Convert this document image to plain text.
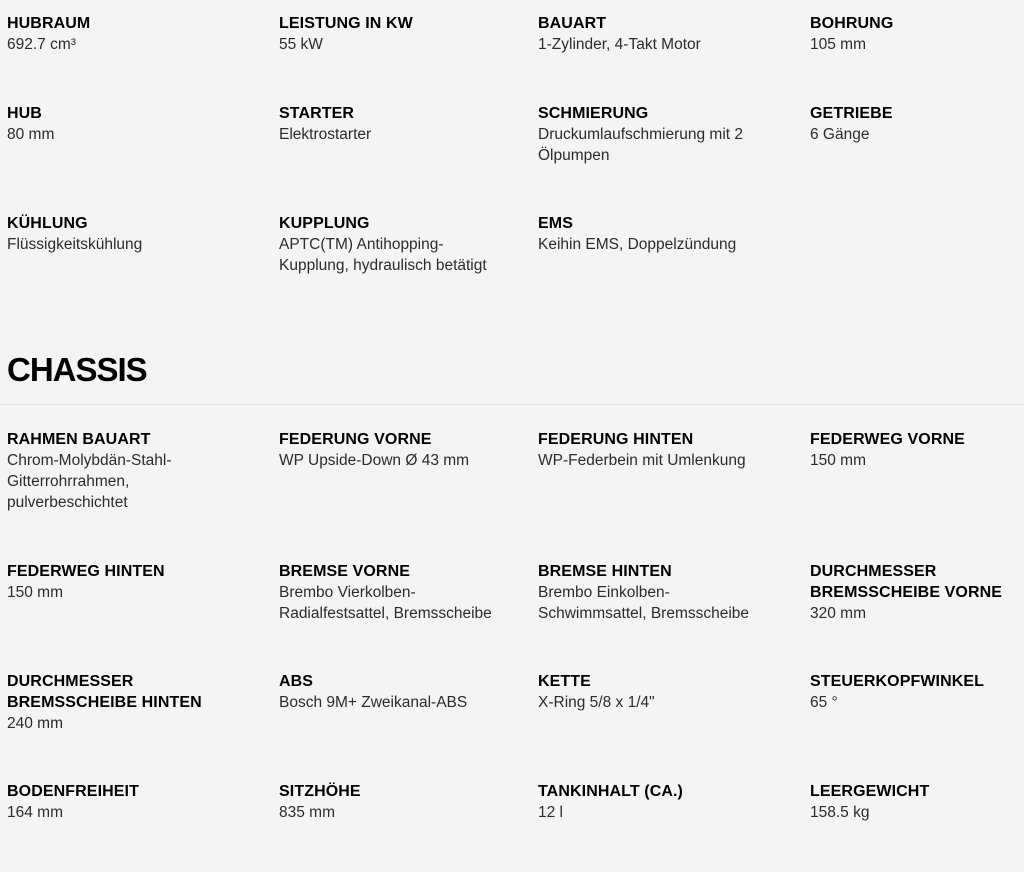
HUBRAUM
692.7 cm³
LEISTUNG IN KW
55 kW
BAUART
1-Zylinder, 4-Takt Motor
BOHRUNG
105 mm
HUB
80 mm
STARTER
Elektrostarter
SCHMIERUNG
Druckumlaufschmierung mit 2
Ölpumpen
GETRIEBE
6 Gänge
KÜHLUNG
Flüssigkeitskühlung
KUPPLUNG
APTC(TM) Antihopping-
Kupplung, hydraulisch betätigt
EMS
Keihin EMS, Doppelzündung
CHASSIS
RAHMEN BAUART
Chrom-Molybdän-Stahl-
Gitterrohrrahmen,
pulverbeschichtet
FEDERUNG VORNE
WP Upside-Down Ø 43 mm
FEDERUNG HINTEN
WP-Federbein mit Umlenkung
FEDERWEG VORNE
150 mm
FEDERWEG HINTEN
150 mm
BREMSE VORNE
Brembo Vierkolben-
Radialfestsattel, Bremsscheibe
BREMSE HINTEN
Brembo Einkolben-
Schwimmsattel, Bremsscheibe
DURCHMESSER
BREMSSCHEIBE VORNE
320 mm
DURCHMESSER
BREMSSCHEIBE HINTEN
240 mm
ABS
Bosch 9M+ Zweikanal-ABS
KETTE
X-Ring 5/8 x 1/4"
STEUERKOPFWINKEL
65 °
BODENFREIHEIT
164 mm
SITZHÖHE
835 mm
TANKINHALT (CA.)
12 l
LEERGEWICHT
158.5 kg
